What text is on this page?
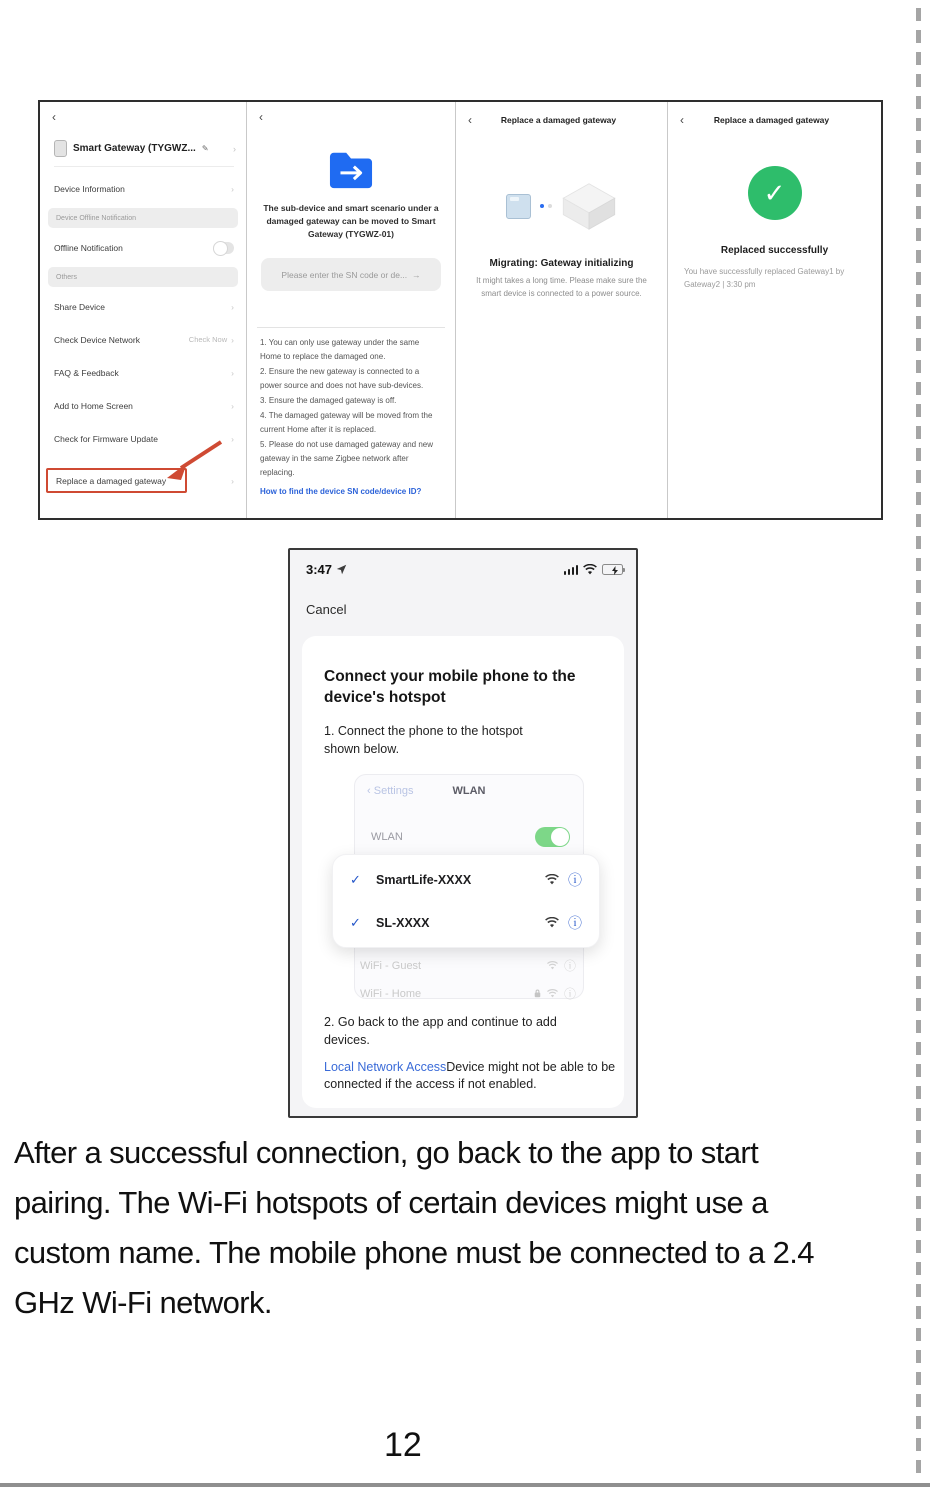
‹
Smart Gateway (TYGWZ... ✎	›
Device Information	›
Device Offline Notification
Offline Notification
Others
Share Device	›
Check Device Network	Check Now ›
FAQ & Feedback	›
Add to Home Screen	›
Check for Firmware Update	›
Replace a damaged gateway	›
‹
The sub-device and smart scenario under a damaged gateway can be moved to Smart Gateway (TYGWZ-01)
Please enter the SN code or de... →

1. You can only use gateway under the same Home to replace the damaged one.

2. Ensure the new gateway is connected to a power source and does not have sub-devices.

3. Ensure the damaged gateway is off.

4. The damaged gateway will be moved from the current Home after it is replaced.

5. Please do not use damaged gateway and new gateway in the same Zigbee network after replacing.

How to find the device SN code/device ID?
‹	Replace a damaged gateway
Migrating: Gateway initializing
It might takes a long time. Please make sure the smart device is connected to a power source.
‹	Replace a damaged gateway
✓
Replaced successfully
You have successfully replaced Gateway1 by Gateway2 | 3:30 pm
3:47
Cancel
Connect your mobile phone to the device's hotspot
1. Connect the phone to the hotspot shown below.
‹ Settings	WLAN
WLAN
✓	SmartLife-XXXX	ⓘ
✓	SL-XXXX	ⓘ
WiFi - Guest	ⓘ
WiFi - Home	ⓘ
2. Go back to the app and continue to add devices.
Local Network AccessDevice might not be able to be connected if the access if not enabled.

After a successful connection, go back to the app to start

pairing. The Wi-Fi hotspots of certain devices might use a

custom name. The mobile phone must be connected to a 2.4

GHz Wi-Fi network.

12
